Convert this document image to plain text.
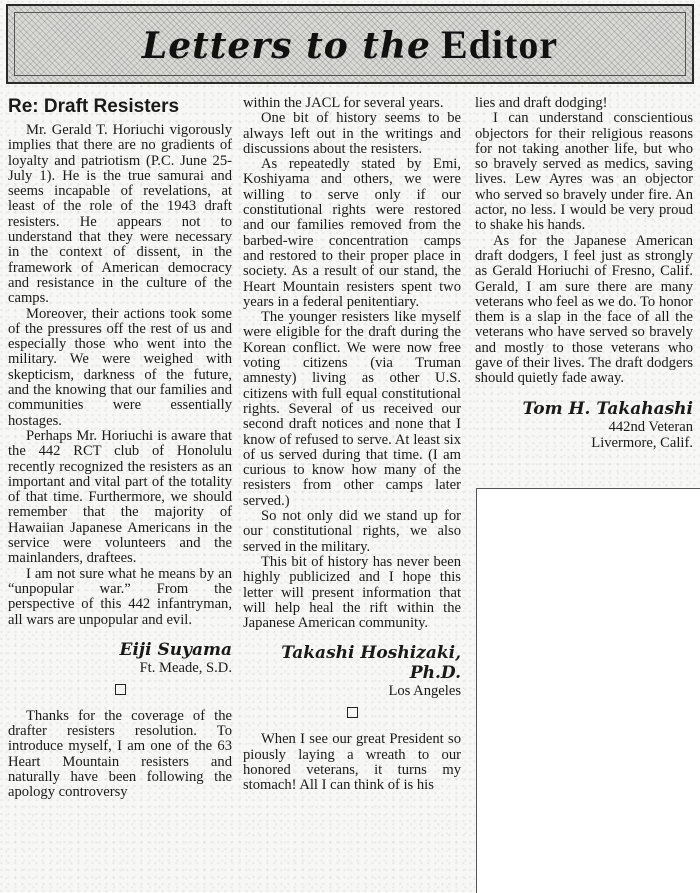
Letters to the Editor
Re: Draft Resisters

Mr. Gerald T. Horiuchi vigorously implies that there are no gradients of loyalty and patriotism (P.C. June 25-July 1). He is the true samurai and seems incapable of revelations, at least of the role of the 1943 draft resisters. He appears not to understand that they were necessary in the context of dissent, in the framework of American democracy and resistance in the culture of the camps.

Moreover, their actions took some of the pressures off the rest of us and especially those who went into the military. We were weighed with skepticism, darkness of the future, and the knowing that our families and communities were essentially hostages.

Perhaps Mr. Horiuchi is aware that the 442 RCT club of Honolulu recently recognized the resisters as an important and vital part of the totality of that time. Furthermore, we should remember that the majority of Hawaiian Japanese Americans in the service were volunteers and the mainlanders, draftees.

I am not sure what he means by an “unpopular war.” From the perspective of this 442 infantryman, all wars are unpopular and evil.

Eiji Suyama
Ft. Meade, S.D.

Thanks for the coverage of the drafter resisters resolution. To introduce myself, I am one of the 63 Heart Mountain resisters and naturally have been following the apology controversy

within the JACL for several years.

One bit of history seems to be always left out in the writings and discussions about the resisters.

As repeatedly stated by Emi, Koshiyama and others, we were willing to serve only if our constitutional rights were restored and our families removed from the barbed-wire concentration camps and restored to their proper place in society. As a result of our stand, the Heart Mountain resisters spent two years in a federal penitentiary.

The younger resisters like myself were eligible for the draft during the Korean conflict. We were now free voting citizens (via Truman amnesty) living as other U.S. citizens with full equal constitutional rights. Several of us received our second draft notices and none that I know of refused to serve. At least six of us served during that time. (I am curious to know how many of the resisters from other camps later served.)

So not only did we stand up for our constitutional rights, we also served in the military.

This bit of history has never been highly publicized and I hope this letter will present information that will help heal the rift within the Japanese American community.

Takashi Hoshizaki,
Ph.D.
Los Angeles

When I see our great President so piously laying a wreath to our honored veterans, it turns my stomach! All I can think of is his

lies and draft dodging!

I can understand conscientious objectors for their religious reasons for not taking another life, but who so bravely served as medics, saving lives. Lew Ayres was an objector who served so bravely under fire. An actor, no less. I would be very proud to shake his hands.

As for the Japanese American draft dodgers, I feel just as strongly as Gerald Horiuchi of Fresno, Calif. Gerald, I am sure there are many veterans who feel as we do. To honor them is a slap in the face of all the veterans who have served so bravely and mostly to those veterans who gave of their lives. The draft dodgers should quietly fade away.

Tom H. Takahashi
442nd Veteran
Livermore, Calif.
